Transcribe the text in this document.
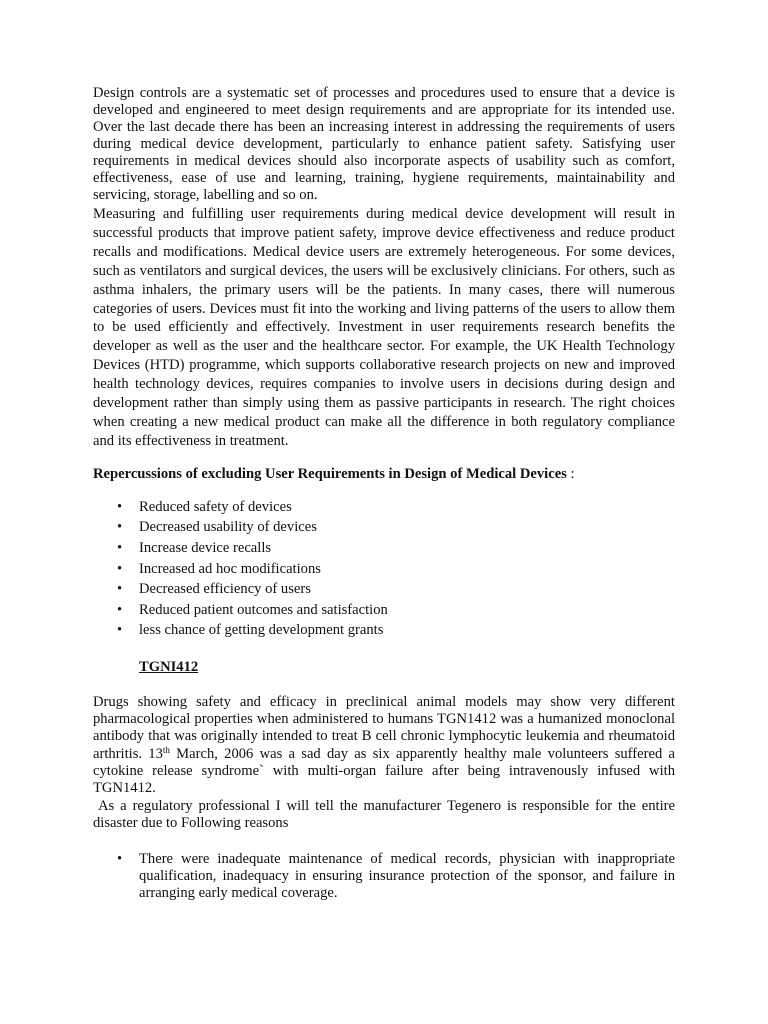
Design controls are a systematic set of processes and procedures used to ensure that a device is developed and engineered to meet design requirements and are appropriate for its intended use. Over the last decade there has been an increasing interest in addressing the requirements of users during medical device development, particularly to enhance patient safety. Satisfying user requirements in medical devices should also incorporate aspects of usability such as comfort, effectiveness, ease of use and learning, training, hygiene requirements, maintainability and servicing, storage, labelling and so on.

Measuring and fulfilling user requirements during medical device development will result in successful products that improve patient safety, improve device effectiveness and reduce product recalls and modifications. Medical device users are extremely heterogeneous. For some devices, such as ventilators and surgical devices, the users will be exclusively clinicians. For others, such as asthma inhalers, the primary users will be the patients. In many cases, there will numerous categories of users. Devices must fit into the working and living patterns of the users to allow them to be used efficiently and effectively. Investment in user requirements research benefits the developer as well as the user and the healthcare sector. For example, the UK Health Technology Devices (HTD) programme, which supports collaborative research projects on new and improved health technology devices, requires companies to involve users in decisions during design and development rather than simply using them as passive participants in research. The right choices when creating a new medical product can make all the difference in both regulatory compliance and its effectiveness in treatment.

Repercussions of excluding User Requirements in Design of Medical Devices :

• Reduced safety of devices
• Decreased usability of devices
• Increase device recalls
• Increased ad hoc modifications
• Decreased efficiency of users
• Reduced patient outcomes and satisfaction
• less chance of getting development grants

TGNI412

Drugs showing safety and efficacy in preclinical animal models may show very different pharmacological properties when administered to humans TGN1412 was a humanized monoclonal antibody that was originally intended to treat B cell chronic lymphocytic leukemia and rheumatoid arthritis. 13th March, 2006 was a sad day as six apparently healthy male volunteers suffered a cytokine release syndrome` with multi-organ failure after being intravenously infused with TGN1412.

As a regulatory professional I will tell the manufacturer Tegenero is responsible for the entire disaster due to Following reasons

• There were inadequate maintenance of medical records, physician with inappropriate qualification, inadequacy in ensuring insurance protection of the sponsor, and failure in arranging early medical coverage.
